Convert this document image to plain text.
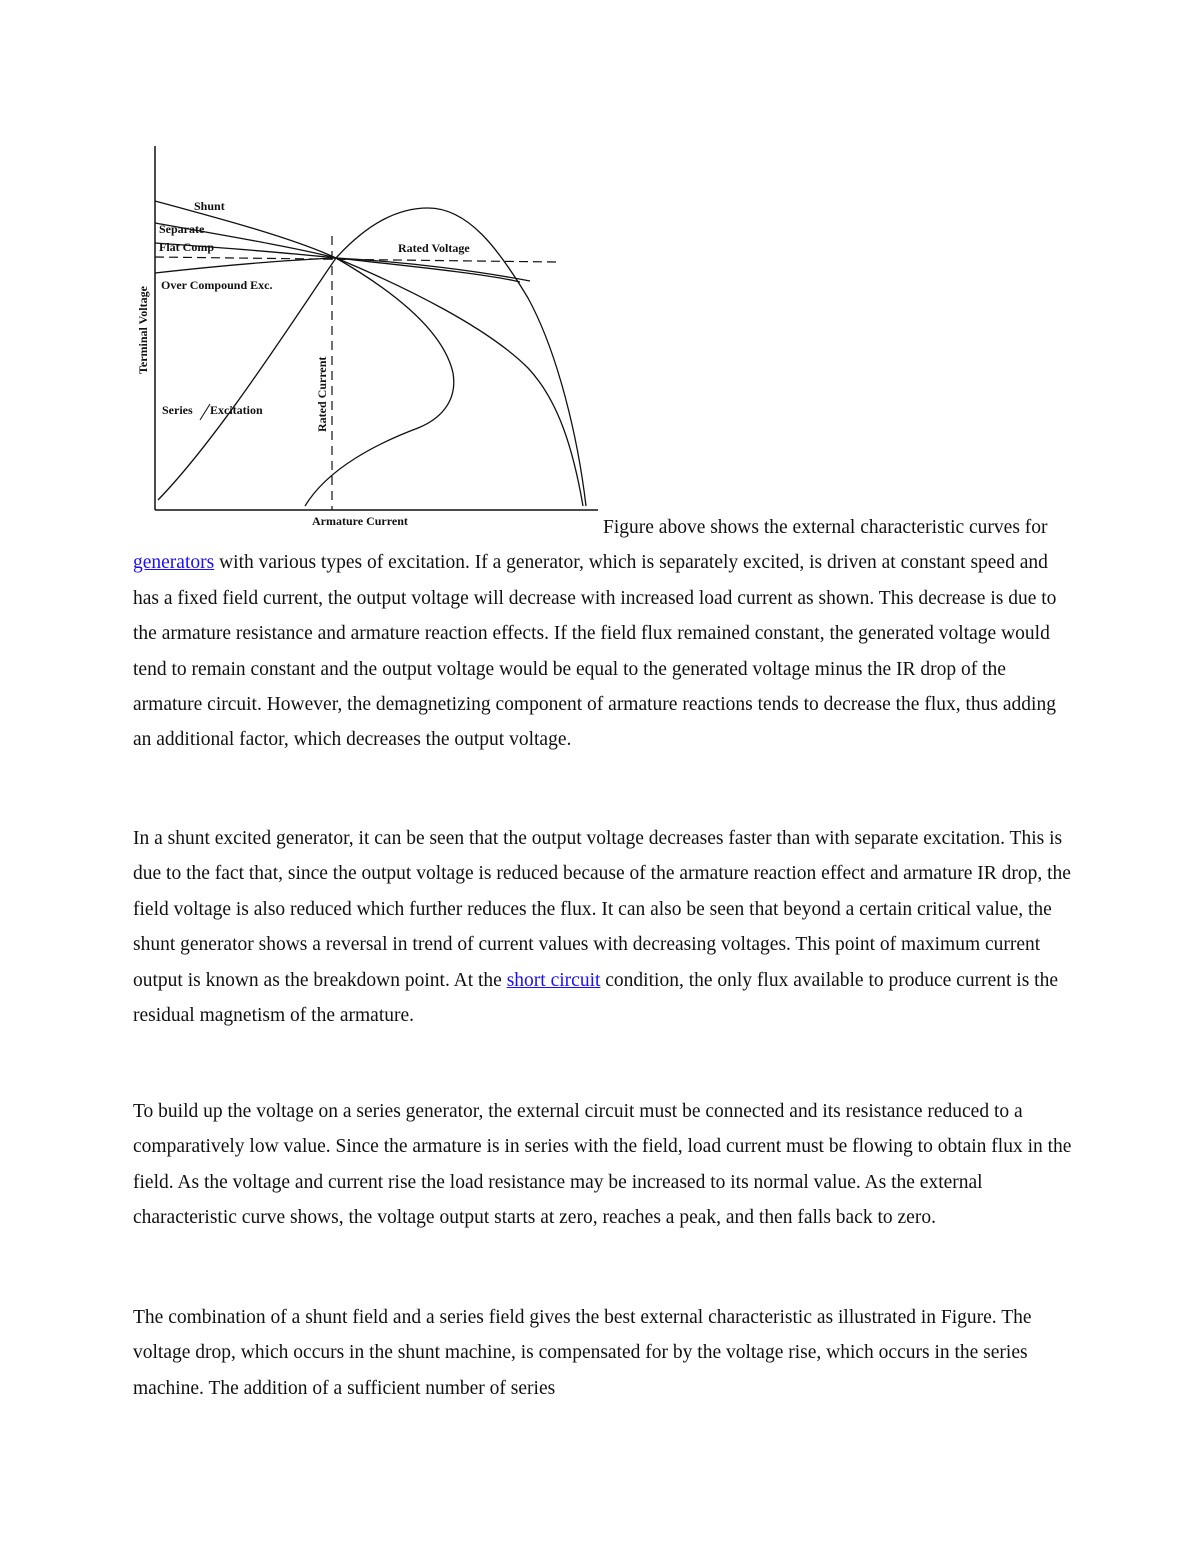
Shunt
Separate
Flat Comp
Over Compound Exc.
Series Excitation
Rated Voltage
Terminal Voltage
Rated Current
Armature Current	Figure above shows the external characteristic curves for generators with various types of excitation. If a generator, which is separately excited, is driven at constant speed and has a fixed field current, the output voltage will decrease with increased load current as shown. This decrease is due to the armature resistance and armature reaction effects. If the field flux remained constant, the generated voltage would tend to remain constant and the output voltage would be equal to the generated voltage minus the IR drop of the armature circuit. However, the demagnetizing component of armature reactions tends to decrease the flux, thus adding an additional factor, which decreases the output voltage.

In a shunt excited generator, it can be seen that the output voltage decreases faster than with separate excitation. This is due to the fact that, since the output voltage is reduced because of the armature reaction effect and armature IR drop, the field voltage is also reduced which further reduces the flux. It can also be seen that beyond a certain critical value, the shunt generator shows a reversal in trend of current values with decreasing voltages. This point of maximum current output is known as the breakdown point. At the short circuit condition, the only flux available to produce current is the residual magnetism of the armature.

To build up the voltage on a series generator, the external circuit must be connected and its resistance reduced to a comparatively low value. Since the armature is in series with the field, load current must be flowing to obtain flux in the field. As the voltage and current rise the load resistance may be increased to its normal value. As the external characteristic curve shows, the voltage output starts at zero, reaches a peak, and then falls back to zero.

The combination of a shunt field and a series field gives the best external characteristic as illustrated in Figure. The voltage drop, which occurs in the shunt machine, is compensated for by the voltage rise, which occurs in the series machine. The addition of a sufficient number of series
